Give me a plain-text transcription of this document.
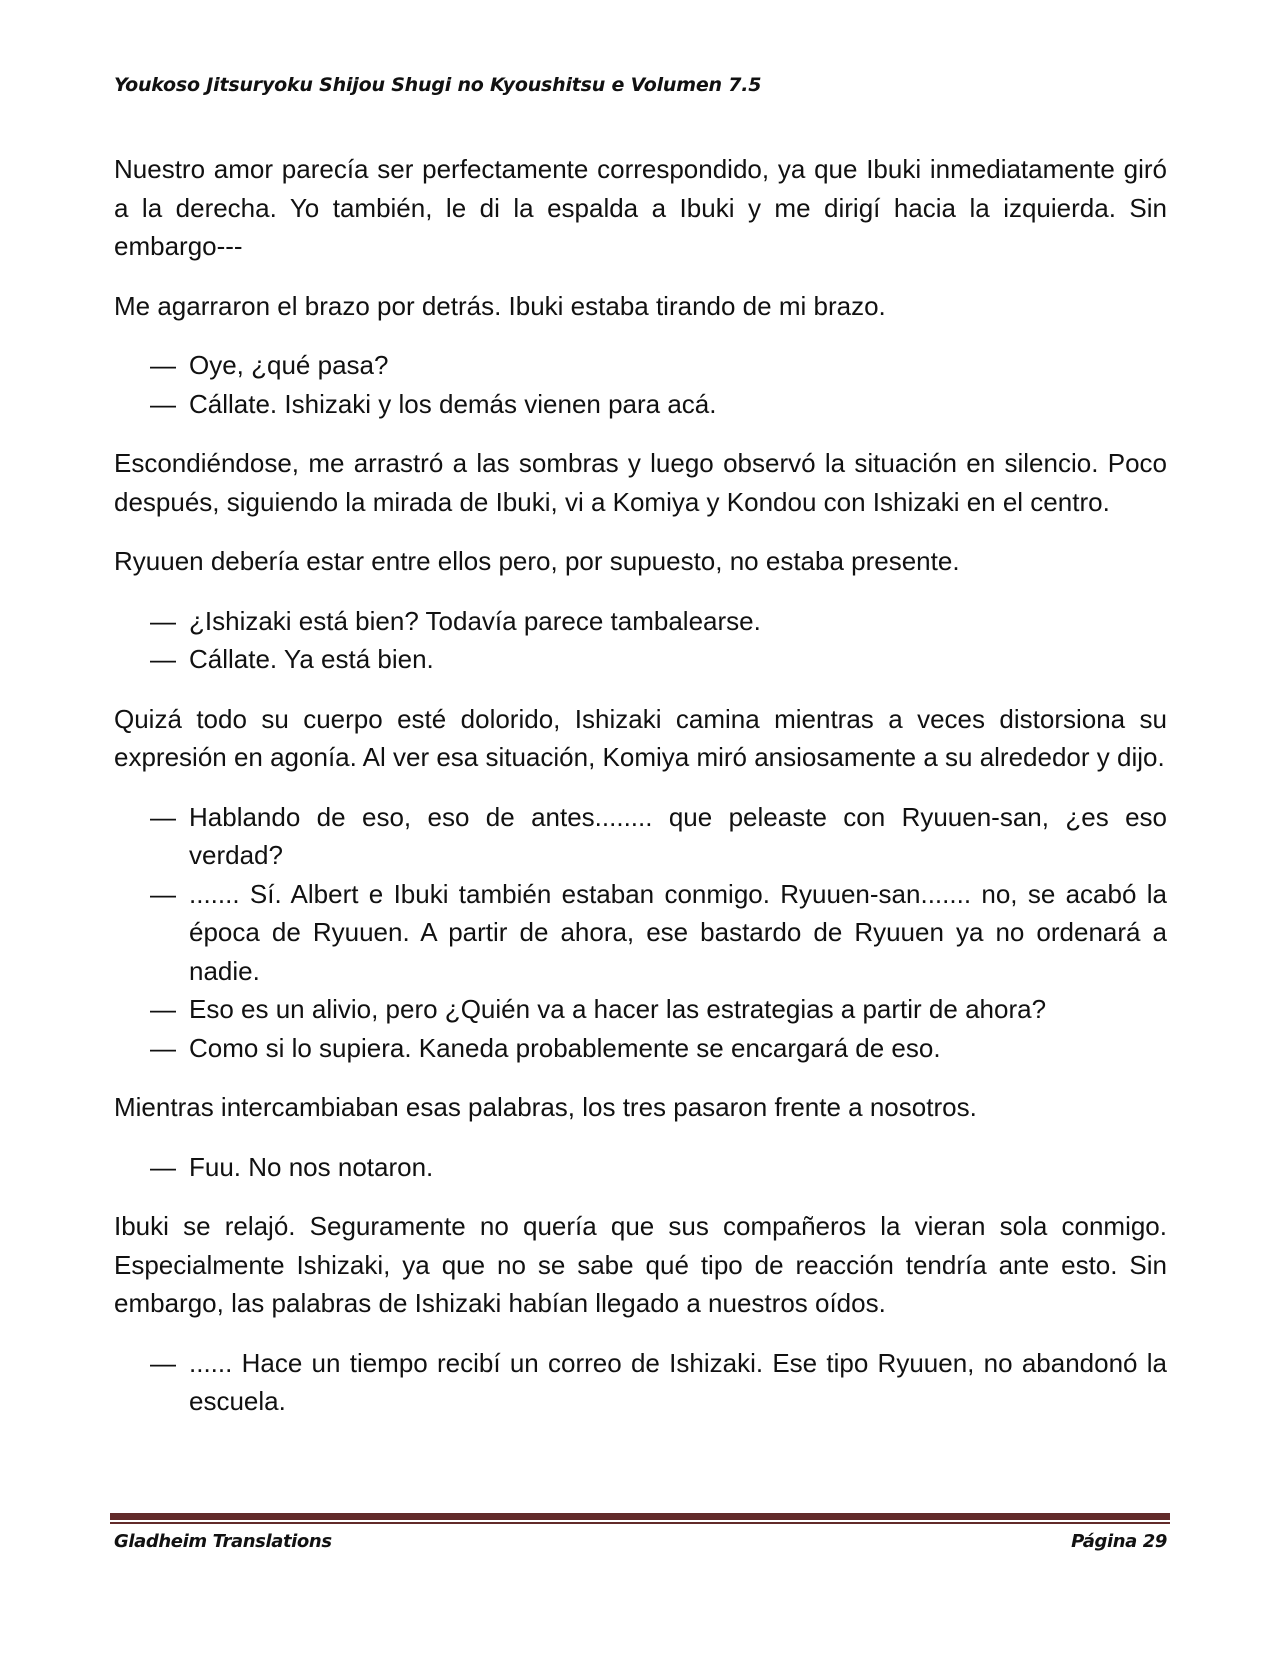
Youkoso Jitsuryoku Shijou Shugi no Kyoushitsu e Volumen 7.5

Nuestro amor parecía ser perfectamente correspondido, ya que Ibuki inmediatamente giró a la derecha. Yo también, le di la espalda a Ibuki y me dirigí hacia la izquierda. Sin embargo---

Me agarraron el brazo por detrás. Ibuki estaba tirando de mi brazo.

— Oye, ¿qué pasa?

— Cállate. Ishizaki y los demás vienen para acá.

Escondiéndose, me arrastró a las sombras y luego observó la situación en silencio. Poco después, siguiendo la mirada de Ibuki, vi a Komiya y Kondou con Ishizaki en el centro.

Ryuuen debería estar entre ellos pero, por supuesto, no estaba presente.

— ¿Ishizaki está bien? Todavía parece tambalearse.

— Cállate. Ya está bien.

Quizá todo su cuerpo esté dolorido, Ishizaki camina mientras a veces distorsiona su expresión en agonía. Al ver esa situación, Komiya miró ansiosamente a su alrededor y dijo.

— Hablando de eso, eso de antes........ que peleaste con Ryuuen-san, ¿es eso verdad?

— ....... Sí. Albert e Ibuki también estaban conmigo. Ryuuen-san....... no, se acabó la época de Ryuuen. A partir de ahora, ese bastardo de Ryuuen ya no ordenará a nadie.

— Eso es un alivio, pero ¿Quién va a hacer las estrategias a partir de ahora?

— Como si lo supiera. Kaneda probablemente se encargará de eso.

Mientras intercambiaban esas palabras, los tres pasaron frente a nosotros.

— Fuu. No nos notaron.

Ibuki se relajó. Seguramente no quería que sus compañeros la vieran sola conmigo. Especialmente Ishizaki, ya que no se sabe qué tipo de reacción tendría ante esto. Sin embargo, las palabras de Ishizaki habían llegado a nuestros oídos.

— ...... Hace un tiempo recibí un correo de Ishizaki. Ese tipo Ryuuen, no abandonó la escuela.

Gladheim Translations	Página 29
